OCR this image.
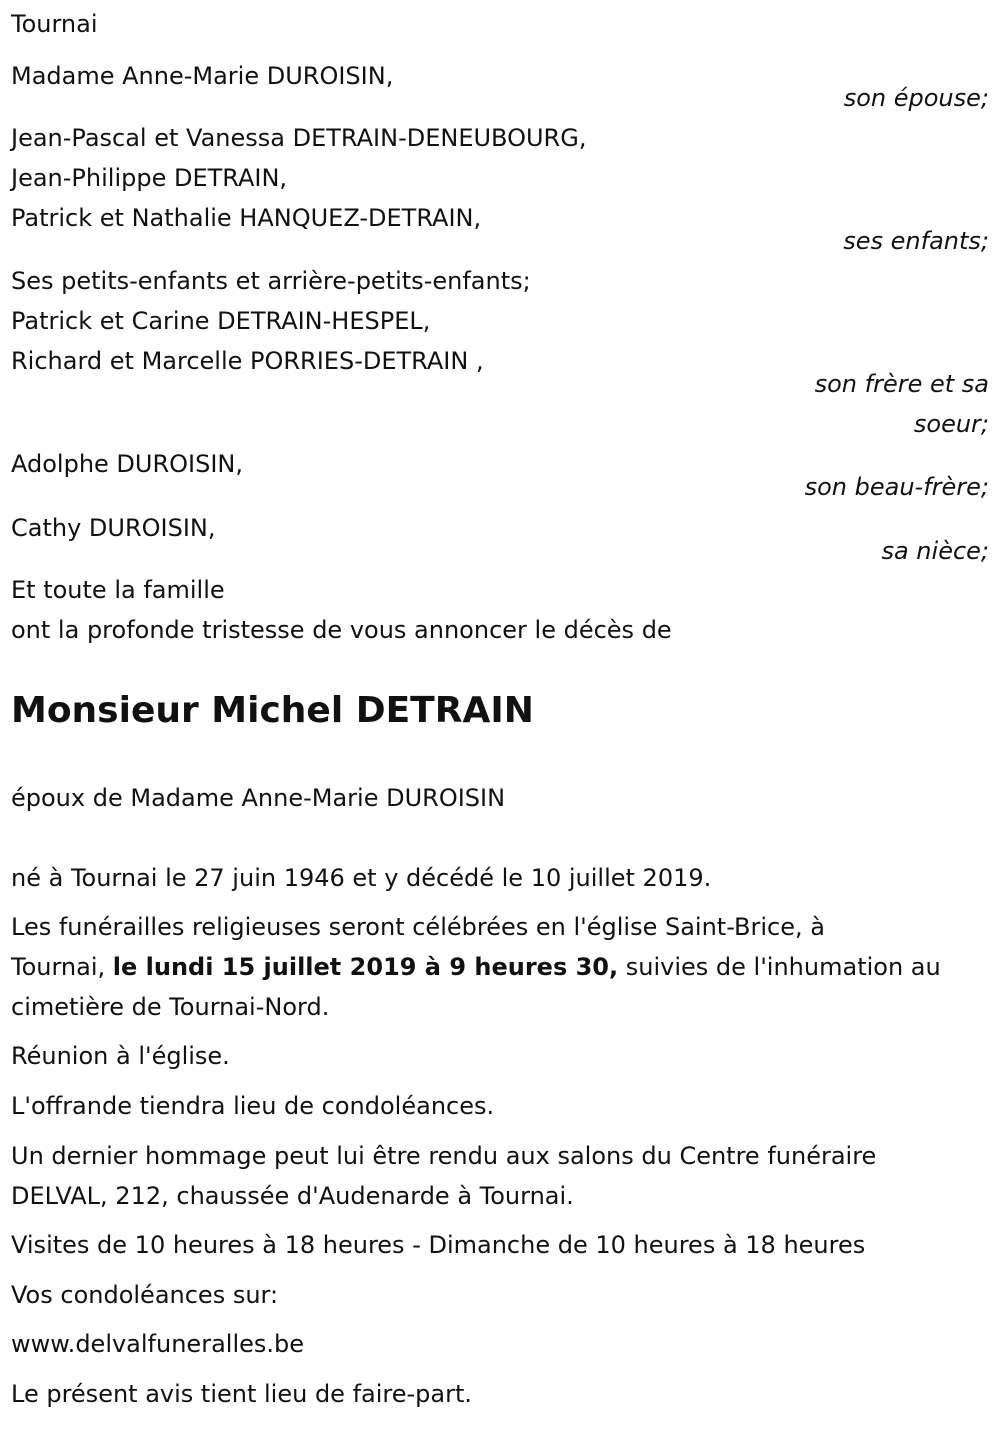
Tournai
Madame Anne-Marie DUROISIN,
son épouse;
Jean-Pascal et Vanessa DETRAIN-DENEUBOURG,
Jean-Philippe DETRAIN,
Patrick et Nathalie HANQUEZ-DETRAIN,
ses enfants;
Ses petits-enfants et arrière-petits-enfants;
Patrick et Carine DETRAIN-HESPEL,
Richard et Marcelle PORRIES-DETRAIN ,
son frère et sa
soeur;
Adolphe DUROISIN,
son beau-frère;
Cathy DUROISIN,
sa nièce;
Et toute la famille
ont la profonde tristesse de vous annoncer le décès de
Monsieur Michel DETRAIN
époux de Madame Anne-Marie DUROISIN
né à Tournai le 27 juin 1946 et y décédé le 10 juillet 2019.
Les funérailles religieuses seront célébrées en l'église Saint-Brice, à
Tournai, le lundi 15 juillet 2019 à 9 heures 30, suivies de l'inhumation au
cimetière de Tournai-Nord.
Réunion à l'église.
L'offrande tiendra lieu de condoléances.
Un dernier hommage peut lui être rendu aux salons du Centre funéraire
DELVAL, 212, chaussée d'Audenarde à Tournai.
Visites de 10 heures à 18 heures - Dimanche de 10 heures à 18 heures
Vos condoléances sur:
www.delvalfuneralles.be
Le présent avis tient lieu de faire-part.
